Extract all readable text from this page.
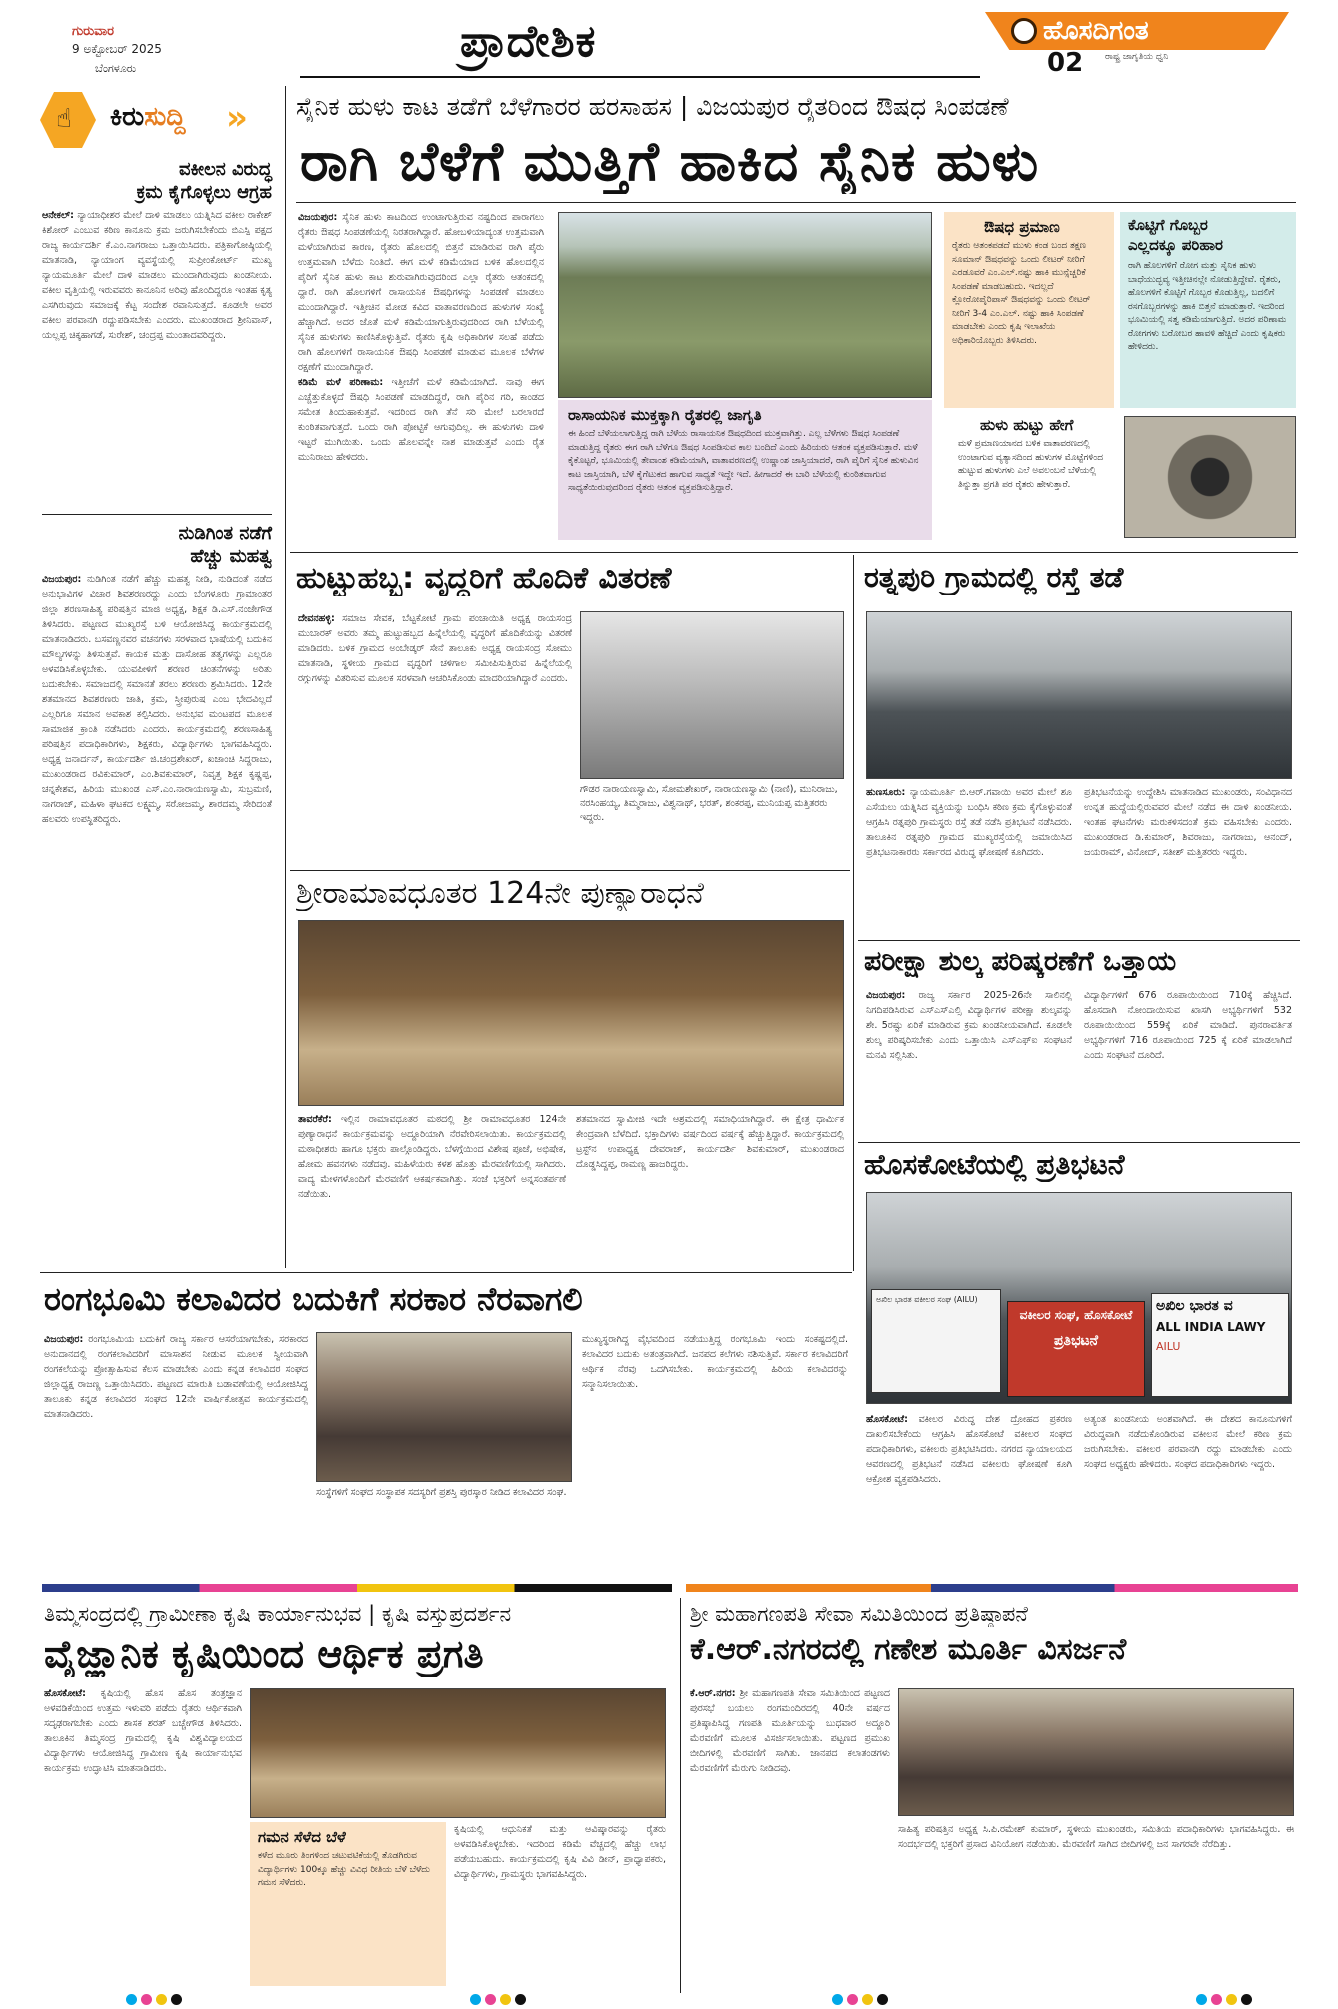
ಗುರುವಾರ
9 ಅಕ್ಟೋಬರ್ 2025
ಬೆಂಗಳೂರು
ಪ್ರಾದೇಶಿಕ	ಹೊಸದಿಗಂತ
ರಾಷ್ಟ್ರ ಜಾಗೃತಿಯ ಧ್ವನಿ
02
☝ ಕಿರುಸುದ್ದಿ »
ವಕೀಲನ ವಿರುದ್ಧ
ಕ್ರಮ ಕೈಗೊಳ್ಳಲು ಆಗ್ರಹ
ಆನೇಕಲ್: ನ್ಯಾಯಾಧೀಶರ ಮೇಲೆ ದಾಳಿ ಮಾಡಲು ಯತ್ನಿಸಿದ ವಕೀಲ ರಾಕೇಶ್ ಕಿಶೋರ್ ಎಂಬುವ ಕಠಿಣ ಕಾನೂನು ಕ್ರಮ ಜರುಗಿಸಬೇಕೆಂದು ಬಿಎಸ್ಪಿ ಪಕ್ಷದ ರಾಜ್ಯ ಕಾರ್ಯದರ್ಶಿ ಕೆ.ಎಂ.ನಾಗರಾಜು ಒತ್ತಾಯಿಸಿದರು. ಪತ್ರಿಕಾಗೋಷ್ಠಿಯಲ್ಲಿ ಮಾತನಾಡಿ, ನ್ಯಾಯಾಂಗ ವ್ಯವಸ್ಥೆಯಲ್ಲಿ ಸುಪ್ರೀಂಕೋರ್ಟ್ ಮುಖ್ಯ ನ್ಯಾಯಮೂರ್ತಿ ಮೇಲೆ ದಾಳಿ ಮಾಡಲು ಮುಂದಾಗಿರುವುದು ಖಂಡನೀಯ. ವಕೀಲ ವೃತ್ತಿಯಲ್ಲಿ ಇರುವವರು ಕಾನೂನಿನ ಅರಿವು ಹೊಂದಿದ್ದರೂ ಇಂತಹ ಕೃತ್ಯ ಎಸಗಿರುವುದು ಸಮಾಜಕ್ಕೆ ಕೆಟ್ಟ ಸಂದೇಶ ರವಾನಿಸುತ್ತದೆ. ಕೂಡಲೇ ಅವರ ವಕೀಲ ಪರವಾನಗಿ ರದ್ದುಪಡಿಸಬೇಕು ಎಂದರು. ಮುಖಂಡರಾದ ಶ್ರೀನಿವಾಸ್, ಯಲ್ಲಪ್ಪ ಚಿಕ್ಕಹಾಗಡೆ, ಸುರೇಶ್, ಚಂದ್ರಪ್ಪ ಮುಂತಾದವರಿದ್ದರು.
ನುಡಿಗಿಂತ ನಡೆಗೆ
ಹೆಚ್ಚು ಮಹತ್ವ
ವಿಜಯಪುರ: ನುಡಿಗಿಂತ ನಡೆಗೆ ಹೆಚ್ಚು ಮಹತ್ವ ನೀಡಿ, ನುಡಿದಂತೆ ನಡೆದ ಅನುಭಾವಿಗಳ ವಿಚಾರ ಶಿವಶರಣರದ್ದು ಎಂದು ಬೆಂಗಳೂರು ಗ್ರಾಮಾಂತರ ಜಿಲ್ಲಾ ಶರಣಸಾಹಿತ್ಯ ಪರಿಷತ್ತಿನ ಮಾಜಿ ಅಧ್ಯಕ್ಷ, ಶಿಕ್ಷಕ ಡಿ.ಎಸ್.ನಂಜೇಗೌಡ ತಿಳಿಸಿದರು. ಪಟ್ಟಣದ ಮುಖ್ಯರಸ್ತೆ ಬಳಿ ಆಯೋಜಿಸಿದ್ದ ಕಾರ್ಯಕ್ರಮದಲ್ಲಿ ಮಾತನಾಡಿದರು. ಬಸವಣ್ಣನವರ ವಚನಗಳು ಸರಳವಾದ ಭಾಷೆಯಲ್ಲಿ ಬದುಕಿನ ಮೌಲ್ಯಗಳನ್ನು ತಿಳಿಸುತ್ತವೆ. ಕಾಯಕ ಮತ್ತು ದಾಸೋಹ ತತ್ವಗಳನ್ನು ಎಲ್ಲರೂ ಅಳವಡಿಸಿಕೊಳ್ಳಬೇಕು. ಯುವಪೀಳಿಗೆ ಶರಣರ ಚಿಂತನೆಗಳನ್ನು ಅರಿತು ಬದುಕಬೇಕು. ಸಮಾಜದಲ್ಲಿ ಸಮಾನತೆ ತರಲು ಶರಣರು ಶ್ರಮಿಸಿದರು. 12ನೇ ಶತಮಾನದ ಶಿವಶರಣರು ಜಾತಿ, ಕ್ರಮ, ಸ್ತ್ರೀಪುರುಷ ಎಂಬ ಭೇದವಿಲ್ಲದೆ ಎಲ್ಲರಿಗೂ ಸಮಾನ ಅವಕಾಶ ಕಲ್ಪಿಸಿದರು. ಅನುಭವ ಮಂಟಪದ ಮೂಲಕ ಸಾಮಾಜಿಕ ಕ್ರಾಂತಿ ನಡೆಸಿದರು ಎಂದರು. ಕಾರ್ಯಕ್ರಮದಲ್ಲಿ ಶರಣಸಾಹಿತ್ಯ ಪರಿಷತ್ತಿನ ಪದಾಧಿಕಾರಿಗಳು, ಶಿಕ್ಷಕರು, ವಿದ್ಯಾರ್ಥಿಗಳು ಭಾಗವಹಿಸಿದ್ದರು. ಅಧ್ಯಕ್ಷ ಜನಾರ್ದನ್, ಕಾರ್ಯದರ್ಶಿ ಜಿ.ಚಂದ್ರಶೇಖರ್, ಖಜಾಂಚಿ ಸಿದ್ದರಾಜು, ಮುಖಂಡರಾದ ರವಿಕುಮಾರ್, ಎಂ.ಶಿವಕುಮಾರ್, ನಿವೃತ್ತ ಶಿಕ್ಷಕ ಕೃಷ್ಣಪ್ಪ, ಚನ್ನಕೇಶವ, ಹಿರಿಯ ಮುಖಂಡ ಎಸ್.ಎಂ.ನಾರಾಯಣಸ್ವಾಮಿ, ಸುಬ್ರಮಣಿ, ನಾಗರಾಜ್, ಮಹಿಳಾ ಘಟಕದ ಲಕ್ಷ್ಮಮ್ಮ, ಸರೋಜಮ್ಮ, ಶಾರದಮ್ಮ ಸೇರಿದಂತೆ ಹಲವರು ಉಪಸ್ಥಿತರಿದ್ದರು.
ಸೈನಿಕ ಹುಳು ಕಾಟ ತಡೆಗೆ ಬೆಳೆಗಾರರ ಹರಸಾಹಸ | ವಿಜಯಪುರ ರೈತರಿಂದ ಔಷಧ ಸಿಂಪಡಣೆ
ರಾಗಿ ಬೆಳೆಗೆ ಮುತ್ತಿಗೆ ಹಾಕಿದ ಸೈನಿಕ ಹುಳು
ವಿಜಯಪುರ: ಸೈನಿಕ ಹುಳು ಕಾಟದಿಂದ ಉಂಟಾಗುತ್ತಿರುವ ನಷ್ಟದಿಂದ ಪಾರಾಗಲು ರೈತರು ಔಷಧ ಸಿಂಪಡಣೆಯಲ್ಲಿ ನಿರತರಾಗಿದ್ದಾರೆ. ಹೋಬಳಿಯಾದ್ಯಂತ ಉತ್ತಮವಾಗಿ ಮಳೆಯಾಗಿರುವ ಕಾರಣ, ರೈತರು ಹೊಲದಲ್ಲಿ ಬಿತ್ತನೆ ಮಾಡಿರುವ ರಾಗಿ ಪೈರು ಉತ್ತಮವಾಗಿ ಬೆಳೆದು ನಿಂತಿದೆ. ಈಗ ಮಳೆ ಕಡಿಮೆಯಾದ ಬಳಿಕ ಹೊಲದಲ್ಲಿನ ಪೈರಿಗೆ ಸೈನಿಕ ಹುಳು ಕಾಟ ಶುರುವಾಗಿರುವುದರಿಂದ ಎಲ್ಲಾ ರೈತರು ಆತಂಕದಲ್ಲಿ ದ್ದಾರೆ. ರಾಗಿ ಹೊಲಗಳಿಗೆ ರಾಸಾಯನಿಕ ಔಷಧಿಗಳನ್ನು ಸಿಂಪಡಣೆ ಮಾಡಲು ಮುಂದಾಗಿದ್ದಾರೆ. ಇತ್ತೀಚಿನ ಮೋಡ ಕವಿದ ವಾತಾವರಣದಿಂದ ಹುಳುಗಳ ಸಂಖ್ಯೆ ಹೆಚ್ಚಾಗಿದೆ. ಅದರ ಜೊತೆ ಮಳೆ ಕಡಿಮೆಯಾಗುತ್ತಿರುವುದರಿಂದ ರಾಗಿ ಬೆಳೆಯಲ್ಲಿ ಸೈನಿಕ ಹುಳುಗಳು ಕಾಣಿಸಿಕೊಳ್ಳುತ್ತಿವೆ. ರೈತರು ಕೃಷಿ ಅಧಿಕಾರಿಗಳ ಸಲಹೆ ಪಡೆದು ರಾಗಿ ಹೊಲಗಳಿಗೆ ರಾಸಾಯನಿಕ ಔಷಧಿ ಸಿಂಪಡಣೆ ಮಾಡುವ ಮೂಲಕ ಬೆಳೆಗಳ ರಕ್ಷಣೆಗೆ ಮುಂದಾಗಿದ್ದಾರೆ.
ಕಡಿಮೆ ಮಳೆ ಪರಿಣಾಮ: ಇತ್ತೀಚೆಗೆ ಮಳೆ ಕಡಿಮೆಯಾಗಿದೆ. ನಾವು ಈಗ ಎಚ್ಚೆತ್ತುಕೊಳ್ಳದೆ ಔಷಧಿ ಸಿಂಪಡಣೆ ಮಾಡದಿದ್ದರೆ, ರಾಗಿ ಪೈರಿನ ಗರಿ, ಕಾಂಡದ ಸಮೇತ ತಿಂದುಹಾಕುತ್ತವೆ. ಇದರಿಂದ ರಾಗಿ ತೆನೆ ಸರಿ ಮೇಲೆ ಬರಲಾರದೆ ಕುಂಠಿತವಾಗುತ್ತದೆ. ಒಂದು ರಾಗಿ ಪೋಟ್ಟಿಕೆ ಆಗುವುದಿಲ್ಲ. ಈ ಹುಳುಗಳು ದಾಳಿ ಇಟ್ಟರೆ ಮುಗಿಯಿತು. ಒಂದು ಹೊಲವನ್ನೇ ನಾಶ ಮಾಡುತ್ತವೆ ಎಂದು ರೈತ ಮುನಿರಾಜು ಹೇಳಿದರು.
ರಾಸಾಯನಿಕ ಮುಕ್ತಕ್ಕಾಗಿ ರೈತರಲ್ಲಿ ಜಾಗೃತಿ
ಈ ಹಿಂದೆ ಬೆಳೆಯಲಾಗುತ್ತಿದ್ದ ರಾಗಿ ಬೆಳೆಯ ರಾಸಾಯನಿಕ ಔಷಧದಿಂದ ಮುಕ್ತವಾಗಿತ್ತು. ಎಲ್ಲ ಬೆಳೆಗಳು ಔಷಧ ಸಿಂಪಡಣೆ ಮಾಡುತ್ತಿದ್ದ ರೈತರು ಈಗ ರಾಗಿ ಬೆಳೆಗೂ ಔಷಧ ಸಿಂಪಡಿಸುವ ಕಾಲ ಬಂದಿದೆ ಎಂದು ಹಿರಿಯರು ಆತಂಕ ವ್ಯಕ್ತಪಡಿಸುತ್ತಾರೆ. ಮಳೆ ಕೈಕೊಟ್ಟರೆ, ಭೂಮಿಯಲ್ಲಿ ತೇವಾಂಶ ಕಡಿಮೆಯಾಗಿ, ವಾತಾವರಣದಲ್ಲಿ ಉಷ್ಣಾಂಶ ಜಾಸ್ತಿಯಾದರೆ, ರಾಗಿ ಪೈರಿಗೆ ಸೈನಿಕ ಹುಳುವಿನ ಕಾಟ ಜಾಸ್ತಿಯಾಗಿ, ಬೆಳೆ ಕೈಗೆಟುಕದ ಹಾಗುವ ಸಾಧ್ಯತೆ ಇದ್ದೇ ಇದೆ. ಹೀಗಾದರೆ ಈ ಬಾರಿ ಬೆಳೆಯಲ್ಲಿ ಕುಂಠಿತವಾಗುವ ಸಾಧ್ಯತೆಯಿರುವುದರಿಂದ ರೈತರು ಆತಂಕ ವ್ಯಕ್ತಪಡಿಸುತ್ತಿದ್ದಾರೆ.
ಔಷಧ ಪ್ರಮಾಣ
ರೈತರು ಆತಂಕಪಡದೆ ಮುಳು ಕಂಡ ಬಂದ ತಕ್ಷಣ ಸೂಮಾನ್ ಔಷಧವನ್ನು ಒಂದು ಲೀಟರ್ ನೀರಿಗೆ ಎರಡೂವರೆ ಎಂ.ಎಲ್.ನಷ್ಟು ಹಾಕಿ ಮುನ್ಸೆಚ್ಚರಿಕೆ ಸಿಂಪಡಣೆ ಮಾಡಬಹುದು. ಇದಲ್ಲದೆ ಕ್ಲೋರೋಪೈರಿಪಾಸ್ ಔಷಧವನ್ನು ಒಂದು ಲೀಟರ್ ನೀರಿಗೆ 3-4 ಎಂ.ಎಲ್. ನಷ್ಟು ಹಾಕಿ ಸಿಂಪಡಣೆ ಮಾಡಬೇಕು ಎಂದು ಕೃಷಿ ಇಲಾಖೆಯ ಅಧಿಕಾರಿಯೊಬ್ಬರು ತಿಳಿಸಿದರು.
ಕೊಟ್ಟಿಗೆ ಗೊಬ್ಬರ
ಎಲ್ಲದಕ್ಕೂ ಪರಿಹಾರ
ರಾಗಿ ಹೊಲಗಳಿಗೆ ರೋಗ ಮತ್ತು ಸೈನಿಕ ಹುಳು ಬಾಧೆಯುದ್ಭವ್ಯ ಇತ್ತೀಚಿನಲ್ಲೇ ನೋಡುತ್ತಿದ್ದೇವೆ. ರೈತರು, ಹೊಲಗಳಿಗೆ ಕೊಟ್ಟಿಗೆ ಗೊಬ್ಬರ ಕೊಡುತ್ತಿಲ್ಲ, ಬದಲಿಗೆ ರಸಗೊಬ್ಬರಗಳನ್ನು ಹಾಕಿ ಬಿತ್ತನೆ ಮಾಡುತ್ತಾರೆ. ಇದರಿಂದ ಭೂಮಿಯಲ್ಲಿ ಸತ್ವ ಕಡಿಮೆಯಾಗುತ್ತಿದೆ. ಅದರ ಪರಿಣಾಮ ರೋಗಗಳು ಬರೋಬರ ಹಾವಳಿ ಹೆಚ್ಚಿದೆ ಎಂದು ಕೃಷಿಕರು ಹೇಳಿದರು.
ಹುಳು ಹುಟ್ಟು ಹೇಗೆ
ಮಳೆ ಪ್ರಮಾಣಯಾನದ ಬಳಿಕ ವಾತಾವರಣದಲ್ಲಿ ಉಂಟಾಗುವ ವ್ಯತ್ಯಾಸದಿಂದ ಹುಳುಗಳ ಮೊಟ್ಟೆಗಳಿಂದ ಹುಟ್ಟುವ ಹುಳುಗಳು ಎಲೆ ಅವಲಂಬನೆ ಬೆಳೆಯಲ್ಲಿ ತಿನ್ನುತ್ತಾ ಪ್ರಗತಿ ಪರ ರೈತರು ಹೇಳುತ್ತಾರೆ.
ಹುಟ್ಟುಹಬ್ಬ: ವೃದ್ಧರಿಗೆ ಹೊದಿಕೆ ವಿತರಣೆ
ದೇವನಹಳ್ಳಿ: ಸಮಾಜ ಸೇವಕ, ಬೆಟ್ಟಕೋಟೆ ಗ್ರಾಮ ಪಂಚಾಯಿತಿ ಅಧ್ಯಕ್ಷ ರಾಯಸಂದ್ರ ಮುಬಾರಕ್ ಅವರು ತಮ್ಮ ಹುಟ್ಟುಹಬ್ಬದ ಹಿನ್ನೆಲೆಯಲ್ಲಿ ವೃದ್ಧರಿಗೆ ಹೊದಿಕೆಯನ್ನು ವಿತರಣೆ ಮಾಡಿದರು. ಬಳಿಕ ಗ್ರಾಮದ ಅಂಬೇಡ್ಕರ್ ಸೇನೆ ತಾಲೂಕು ಅಧ್ಯಕ್ಷ ರಾಯಸಂದ್ರ ಸೋಮು ಮಾತನಾಡಿ, ಸ್ಥಳೀಯ ಗ್ರಾಮದ ವೃದ್ಧರಿಗೆ ಚಳಿಗಾಲ ಸಮೀಪಿಸುತ್ತಿರುವ ಹಿನ್ನೆಲೆಯಲ್ಲಿ ರಗ್ಗುಗಳನ್ನು ವಿತರಿಸುವ ಮೂಲಕ ಸರಳವಾಗಿ ಆಚರಿಸಿಕೊಂಡು ಮಾದರಿಯಾಗಿದ್ದಾರೆ ಎಂದರು.
ಗೌಡರ ನಾರಾಯಣಸ್ವಾಮಿ, ಸೋಮಶೇಖರ್, ನಾರಾಯಣಸ್ವಾಮಿ (ನಾಣಿ), ಮುನಿರಾಜು, ನರಸಿಂಹಯ್ಯ, ತಿಮ್ಮರಾಜು, ವಿಶ್ವನಾಥ್, ಭರತ್, ಶಂಕರಪ್ಪ, ಮುನಿಯಪ್ಪ ಮತ್ತಿತರರು ಇದ್ದರು.
ರತ್ನಪುರಿ ಗ್ರಾಮದಲ್ಲಿ ರಸ್ತೆ ತಡೆ
ಹುಣಸೂರು: ನ್ಯಾಯಮೂರ್ತಿ ಬಿ.ಆರ್.ಗವಾಯಿ ಅವರ ಮೇಲೆ ಶೂ ಎಸೆಯಲು ಯತ್ನಿಸಿದ ವ್ಯಕ್ತಿಯನ್ನು ಬಂಧಿಸಿ ಕಠಿಣ ಕ್ರಮ ಕೈಗೊಳ್ಳುವಂತೆ ಆಗ್ರಹಿಸಿ ರತ್ನಪುರಿ ಗ್ರಾಮಸ್ಥರು ರಸ್ತೆ ತಡೆ ನಡೆಸಿ ಪ್ರತಿಭಟನೆ ನಡೆಸಿದರು. ತಾಲೂಕಿನ ರತ್ನಪುರಿ ಗ್ರಾಮದ ಮುಖ್ಯರಸ್ತೆಯಲ್ಲಿ ಜಮಾಯಿಸಿದ ಪ್ರತಿಭಟನಾಕಾರರು ಸರ್ಕಾರದ ವಿರುದ್ಧ ಘೋಷಣೆ ಕೂಗಿದರು.
ಪ್ರತಿಭಟನೆಯನ್ನು ಉದ್ದೇಶಿಸಿ ಮಾತನಾಡಿದ ಮುಖಂಡರು, ಸಂವಿಧಾನದ ಉನ್ನತ ಹುದ್ದೆಯಲ್ಲಿರುವವರ ಮೇಲೆ ನಡೆದ ಈ ದಾಳಿ ಖಂಡನೀಯ. ಇಂತಹ ಘಟನೆಗಳು ಮರುಕಳಿಸದಂತೆ ಕ್ರಮ ವಹಿಸಬೇಕು ಎಂದರು. ಮುಖಂಡರಾದ ಡಿ.ಕುಮಾರ್, ಶಿವರಾಜು, ನಾಗರಾಜು, ಆನಂದ್, ಜಯರಾಮ್, ವಿನೋದ್, ಸತೀಶ್ ಮತ್ತಿತರರು ಇದ್ದರು.
ಶ್ರೀರಾಮಾವಧೂತರ 124ನೇ ಪುಣ್ಯಾರಾಧನೆ
ತಾವರೆಕೆರೆ: ಇಲ್ಲಿನ ರಾಮಾವಧೂತರ ಮಠದಲ್ಲಿ ಶ್ರೀ ರಾಮಾವಧೂತರ 124ನೇ ಪುಣ್ಯಾರಾಧನೆ ಕಾರ್ಯಕ್ರಮವನ್ನು ಅದ್ದೂರಿಯಾಗಿ ನೆರವೇರಿಸಲಾಯಿತು. ಕಾರ್ಯಕ್ರಮದಲ್ಲಿ ಮಠಾಧೀಶರು ಹಾಗೂ ಭಕ್ತರು ಪಾಲ್ಗೊಂಡಿದ್ದರು. ಬೆಳಗ್ಗೆಯಿಂದ ವಿಶೇಷ ಪೂಜೆ, ಅಭಿಷೇಕ, ಹೋಮ ಹವನಗಳು ನಡೆದವು. ಮಹಿಳೆಯರು ಕಳಶ ಹೊತ್ತು ಮೆರವಣಿಗೆಯಲ್ಲಿ ಸಾಗಿದರು. ವಾದ್ಯ ಮೇಳಗಳೊಂದಿಗೆ ಮೆರವಣಿಗೆ ಆಕರ್ಷಕವಾಗಿತ್ತು. ಸಂಜೆ ಭಕ್ತರಿಗೆ ಅನ್ನಸಂತರ್ಪಣೆ ನಡೆಯಿತು.
ಶತಮಾನದ ಸ್ವಾಮೀಜಿ ಇದೇ ಆಶ್ರಮದಲ್ಲಿ ಸಮಾಧಿಯಾಗಿದ್ದಾರೆ. ಈ ಕ್ಷೇತ್ರ ಧಾರ್ಮಿಕ ಕೇಂದ್ರವಾಗಿ ಬೆಳೆದಿದೆ. ಭಕ್ತಾದಿಗಳು ವರ್ಷದಿಂದ ವರ್ಷಕ್ಕೆ ಹೆಚ್ಚುತ್ತಿದ್ದಾರೆ. ಕಾರ್ಯಕ್ರಮದಲ್ಲಿ ಟ್ರಸ್ಟ್‌ನ ಉಪಾಧ್ಯಕ್ಷ ದೇವರಾಜ್, ಕಾರ್ಯದರ್ಶಿ ಶಿವಕುಮಾರ್, ಮುಖಂಡರಾದ ದೊಡ್ಡಸಿದ್ದಪ್ಪ, ರಾಮಣ್ಣ ಹಾಜರಿದ್ದರು.
ಪರೀಕ್ಷಾ ಶುಲ್ಕ ಪರಿಷ್ಕರಣೆಗೆ ಒತ್ತಾಯ
ವಿಜಯಪುರ: ರಾಜ್ಯ ಸರ್ಕಾರ 2025-26ನೇ ಸಾಲಿನಲ್ಲಿ ನಿಗದಿಪಡಿಸಿರುವ ಎಸ್ಎಸ್ಎಲ್ಸಿ ವಿದ್ಯಾರ್ಥಿಗಳ ಪರೀಕ್ಷಾ ಶುಲ್ಕವನ್ನು ಶೇ. 5ರಷ್ಟು ಏರಿಕೆ ಮಾಡಿರುವ ಕ್ರಮ ಖಂಡನೀಯವಾಗಿದೆ. ಕೂಡಲೇ ಶುಲ್ಕ ಪರಿಷ್ಕರಿಸಬೇಕು ಎಂದು ಒತ್ತಾಯಿಸಿ ಎಸ್ಎಫ್ಐ ಸಂಘಟನೆ ಮನವಿ ಸಲ್ಲಿಸಿತು.
ವಿದ್ಯಾರ್ಥಿಗಳಿಗೆ 676 ರೂಪಾಯಿಯಿಂದ 710ಕ್ಕೆ ಹೆಚ್ಚಿಸಿದೆ. ಹೊಸದಾಗಿ ನೋಂದಾಯಿಸುವ ಖಾಸಗಿ ಅಭ್ಯರ್ಥಿಗಳಿಗೆ 532 ರೂಪಾಯಿಯಿಂದ 559ಕ್ಕೆ ಏರಿಕೆ ಮಾಡಿದೆ. ಪುನರಾವರ್ತಿತ ಅಭ್ಯರ್ಥಿಗಳಿಗೆ 716 ರೂಪಾಯಿಂದ 725 ಕ್ಕೆ ಏರಿಕೆ ಮಾಡಲಾಗಿದೆ ಎಂದು ಸಂಘಟನೆ ದೂರಿದೆ.
ಹೊಸಕೋಟೆಯಲ್ಲಿ ಪ್ರತಿಭಟನೆ
ಅಖಿಲ ಭಾರತ ವಕೀಲರ ಸಂಘ (AILU)
ವಕೀಲರ ಸಂಘ, ಹೊಸಕೋಟೆ
ಪ್ರತಿಭಟನೆ
ಅಖಿಲ ಭಾರತ ವ
ALL INDIA LAWY
AILU
ಹೊಸಕೋಟೆ: ವಕೀಲರ ವಿರುದ್ಧ ದೇಶ ದ್ರೋಹದ ಪ್ರಕರಣ ದಾಖಲಿಸಬೇಕೆಂದು ಆಗ್ರಹಿಸಿ ಹೊಸಕೋಟೆ ವಕೀಲರ ಸಂಘದ ಪದಾಧಿಕಾರಿಗಳು, ವಕೀಲರು ಪ್ರತಿಭಟಿಸಿದರು. ನಗರದ ನ್ಯಾಯಾಲಯದ ಆವರಣದಲ್ಲಿ ಪ್ರತಿಭಟನೆ ನಡೆಸಿದ ವಕೀಲರು ಘೋಷಣೆ ಕೂಗಿ ಆಕ್ರೋಶ ವ್ಯಕ್ತಪಡಿಸಿದರು.
ಅತ್ಯಂತ ಖಂಡನೀಯ ಅಂಶವಾಗಿದೆ. ಈ ದೇಶದ ಕಾನೂನುಗಳಿಗೆ ವಿರುದ್ಧವಾಗಿ ನಡೆದುಕೊಂಡಿರುವ ವಕೀಲನ ಮೇಲೆ ಕಠಿಣ ಕ್ರಮ ಜರುಗಿಸಬೇಕು. ವಕೀಲರ ಪರವಾನಗಿ ರದ್ದು ಮಾಡಬೇಕು ಎಂದು ಸಂಘದ ಅಧ್ಯಕ್ಷರು ಹೇಳಿದರು. ಸಂಘದ ಪದಾಧಿಕಾರಿಗಳು ಇದ್ದರು.
ರಂಗಭೂಮಿ ಕಲಾವಿದರ ಬದುಕಿಗೆ ಸರಕಾರ ನೆರವಾಗಲಿ
ವಿಜಯಪುರ: ರಂಗಭೂಮಿಯ ಬದುಕಿಗೆ ರಾಜ್ಯ ಸರ್ಕಾರ ಆಸರೆಯಾಗಬೇಕು, ಸರಕಾರದ ಅನುದಾನದಲ್ಲಿ ರಂಗಕಲಾವಿದರಿಗೆ ಮಾಸಾಶನ ನೀಡುವ ಮೂಲಕ ಸ್ವೀಯವಾಗಿ ರಂಗಕಲೆಯನ್ನು ಪ್ರೋತ್ಸಾಹಿಸುವ ಕೆಲಸ ಮಾಡಬೇಕು ಎಂದು ಕನ್ನಡ ಕಲಾವಿದರ ಸಂಘದ ಜಿಲ್ಲಾಧ್ಯಕ್ಷ ರಾಜಣ್ಣ ಒತ್ತಾಯಿಸಿದರು. ಪಟ್ಟಣದ ಮಾರುತಿ ಬಡಾವಣೆಯಲ್ಲಿ ಆಯೋಜಿಸಿದ್ದ ತಾಲೂಕು ಕನ್ನಡ ಕಲಾವಿದರ ಸಂಘದ 12ನೇ ವಾರ್ಷಿಕೋತ್ಸವ ಕಾರ್ಯಕ್ರಮದಲ್ಲಿ ಮಾತನಾಡಿದರು.
ಸಂಸ್ಥೆಗಳಿಗೆ ಸಂಘದ ಸಂಸ್ಥಾಪಕ ಸದಸ್ಯರಿಗೆ ಪ್ರಶಸ್ತಿ ಪುರಸ್ಕಾರ ನೀಡಿದ ಕಲಾವಿದರ ಸಂಘ.
ಮುಖ್ಯಸ್ಥರಾಗಿದ್ದ ವೈಭವದಿಂದ ನಡೆಯುತ್ತಿದ್ದ ರಂಗಭೂಮಿ ಇಂದು ಸಂಕಷ್ಟದಲ್ಲಿದೆ. ಕಲಾವಿದರ ಬದುಕು ಅತಂತ್ರವಾಗಿದೆ. ಜನಪದ ಕಲೆಗಳು ನಶಿಸುತ್ತಿವೆ. ಸರ್ಕಾರ ಕಲಾವಿದರಿಗೆ ಆರ್ಥಿಕ ನೆರವು ಒದಗಿಸಬೇಕು. ಕಾರ್ಯಕ್ರಮದಲ್ಲಿ ಹಿರಿಯ ಕಲಾವಿದರನ್ನು ಸನ್ಮಾನಿಸಲಾಯಿತು.
ತಿಮ್ಮಸಂದ್ರದಲ್ಲಿ ಗ್ರಾಮೀಣಾ ಕೃಷಿ ಕಾರ್ಯಾನುಭವ | ಕೃಷಿ ವಸ್ತುಪ್ರದರ್ಶನ
ವೈಜ್ಞಾನಿಕ ಕೃಷಿಯಿಂದ ಆರ್ಥಿಕ ಪ್ರಗತಿ
ಹೊಸಕೋಟೆ: ಕೃಷಿಯಲ್ಲಿ ಹೊಸ ಹೊಸ ತಂತ್ರಜ್ಞಾನ ಅಳವಡಿಕೆಯಿಂದ ಉತ್ತಮ ಇಳುವರಿ ಪಡೆದು ರೈತರು ಆರ್ಥಿಕವಾಗಿ ಸದೃಢರಾಗಬೇಕು ಎಂದು ಶಾಸಕ ಶರತ್ ಬಚ್ಚೇಗೌಡ ತಿಳಿಸಿದರು. ತಾಲೂಕಿನ ತಿಮ್ಮಸಂದ್ರ ಗ್ರಾಮದಲ್ಲಿ ಕೃಷಿ ವಿಶ್ವವಿದ್ಯಾಲಯದ ವಿದ್ಯಾರ್ಥಿಗಳು ಆಯೋಜಿಸಿದ್ದ ಗ್ರಾಮೀಣ ಕೃಷಿ ಕಾರ್ಯಾನುಭವ ಕಾರ್ಯಕ್ರಮ ಉದ್ಘಾಟಿಸಿ ಮಾತನಾಡಿದರು.
ಗಮನ ಸೆಳೆದ ಬೆಳೆ
ಕಳೆದ ಮೂರು ತಿಂಗಳಿಂದ ಚಟುವಟಿಕೆಯಲ್ಲಿ ತೊಡಗಿರುವ ವಿದ್ಯಾರ್ಥಿಗಳು 100ಕ್ಕೂ ಹೆಚ್ಚು ವಿವಿಧ ರೀತಿಯ ಬೆಳೆ ಬೆಳೆದು ಗಮನ ಸೆಳೆದರು.
ಕೃಷಿಯಲ್ಲಿ ಆಧುನಿಕತೆ ಮತ್ತು ಆವಿಷ್ಕಾರವನ್ನು ರೈತರು ಅಳವಡಿಸಿಕೊಳ್ಳಬೇಕು. ಇದರಿಂದ ಕಡಿಮೆ ವೆಚ್ಚದಲ್ಲಿ ಹೆಚ್ಚು ಲಾಭ ಪಡೆಯಬಹುದು. ಕಾರ್ಯಕ್ರಮದಲ್ಲಿ ಕೃಷಿ ವಿವಿ ಡೀನ್, ಪ್ರಾಧ್ಯಾಪಕರು, ವಿದ್ಯಾರ್ಥಿಗಳು, ಗ್ರಾಮಸ್ಥರು ಭಾಗವಹಿಸಿದ್ದರು.
ಶ್ರೀ ಮಹಾಗಣಪತಿ ಸೇವಾ ಸಮಿತಿಯಿಂದ ಪ್ರತಿಷ್ಠಾಪನೆ
ಕೆ.ಆರ್.ನಗರದಲ್ಲಿ ಗಣೇಶ ಮೂರ್ತಿ ವಿಸರ್ಜನೆ
ಕೆ.ಆರ್.ನಗರ: ಶ್ರೀ ಮಹಾಗಣಪತಿ ಸೇವಾ ಸಮಿತಿಯಿಂದ ಪಟ್ಟಣದ ಪುರಸಭೆ ಬಯಲು ರಂಗಮಂದಿರದಲ್ಲಿ 40ನೇ ವರ್ಷದ ಪ್ರತಿಷ್ಠಾಪಿಸಿದ್ದ ಗಣಪತಿ ಮೂರ್ತಿಯನ್ನು ಬುಧವಾರ ಅದ್ದೂರಿ ಮೆರವಣಿಗೆ ಮೂಲಕ ವಿಸರ್ಜಿಸಲಾಯಿತು. ಪಟ್ಟಣದ ಪ್ರಮುಖ ಬೀದಿಗಳಲ್ಲಿ ಮೆರವಣಿಗೆ ಸಾಗಿತು. ಜಾನಪದ ಕಲಾತಂಡಗಳು ಮೆರವಣಿಗೆಗೆ ಮೆರುಗು ನೀಡಿದವು.
ಸಾಹಿತ್ಯ ಪರಿಷತ್ತಿನ ಅಧ್ಯಕ್ಷ ಸಿ.ಪಿ.ರಮೇಶ್ ಕುಮಾರ್, ಸ್ಥಳೀಯ ಮುಖಂಡರು, ಸಮಿತಿಯ ಪದಾಧಿಕಾರಿಗಳು ಭಾಗವಹಿಸಿದ್ದರು. ಈ ಸಂದರ್ಭದಲ್ಲಿ ಭಕ್ತರಿಗೆ ಪ್ರಸಾದ ವಿನಿಯೋಗ ನಡೆಯಿತು. ಮೆರವಣಿಗೆ ಸಾಗಿದ ಬೀದಿಗಳಲ್ಲಿ ಜನ ಸಾಗರವೇ ನೆರೆದಿತ್ತು.
